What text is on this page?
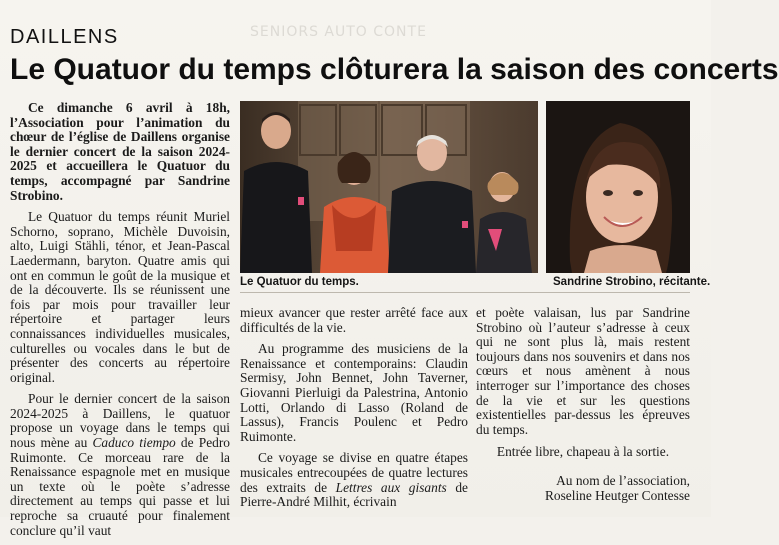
SENIORS AUTO CONTE
DAILLENS
Le Quatuor du temps clôturera la saison des concerts

Ce dimanche 6 avril à 18h, l’Association pour l’animation du chœur de l’église de Daillens organise le dernier concert de la saison 2024-2025 et accueillera le Quatuor du temps, accompagné par Sandrine Strobino.

Le Quatuor du temps réunit Muriel Schorno, soprano, Michèle Duvoisin, alto, Luigi Stähli, ténor, et Jean-Pascal Laedermann, baryton. Quatre amis qui ont en commun le goût de la musique et de la découverte. Ils se réunissent une fois par mois pour travailler leur répertoire et partager leurs connaissances individuelles musicales, culturelles ou vocales dans le but de présenter des concerts au répertoire original.

Pour le dernier concert de la saison 2024-2025 à Daillens, le quatuor propose un voyage dans le temps qui nous mène au Caduco tiempo de Pedro Ruimonte. Ce morceau rare de la Renaissance espagnole met en musique un texte où le poète s’adresse directement au temps qui passe et lui reproche sa cruauté pour finalement conclure qu’il vaut

Le Quatuor du temps.	Sandrine Strobino, récitante.

mieux avancer que rester arrêté face aux difficultés de la vie.

Au programme des musiciens de la Renaissance et contemporains: Claudin Sermisy, John Bennet, John Taverner, Giovanni Pierluigi da Palestrina, Antonio Lotti, Orlando di Lasso (Roland de Lassus), Francis Poulenc et Pedro Ruimonte.

Ce voyage se divise en quatre étapes musicales entrecoupées de quatre lectures des extraits de Lettres aux gisants de Pierre-André Milhit, écrivain

et poète valaisan, lus par Sandrine Strobino où l’auteur s’adresse à ceux qui ne sont plus là, mais restent toujours dans nos souvenirs et dans nos cœurs et nous amènent à nous interroger sur l’importance des choses de la vie et sur les questions existentielles par-dessus les épreuves du temps.

Entrée libre, chapeau à la sortie.

Au nom de l’association,

Roseline Heutger Contesse
